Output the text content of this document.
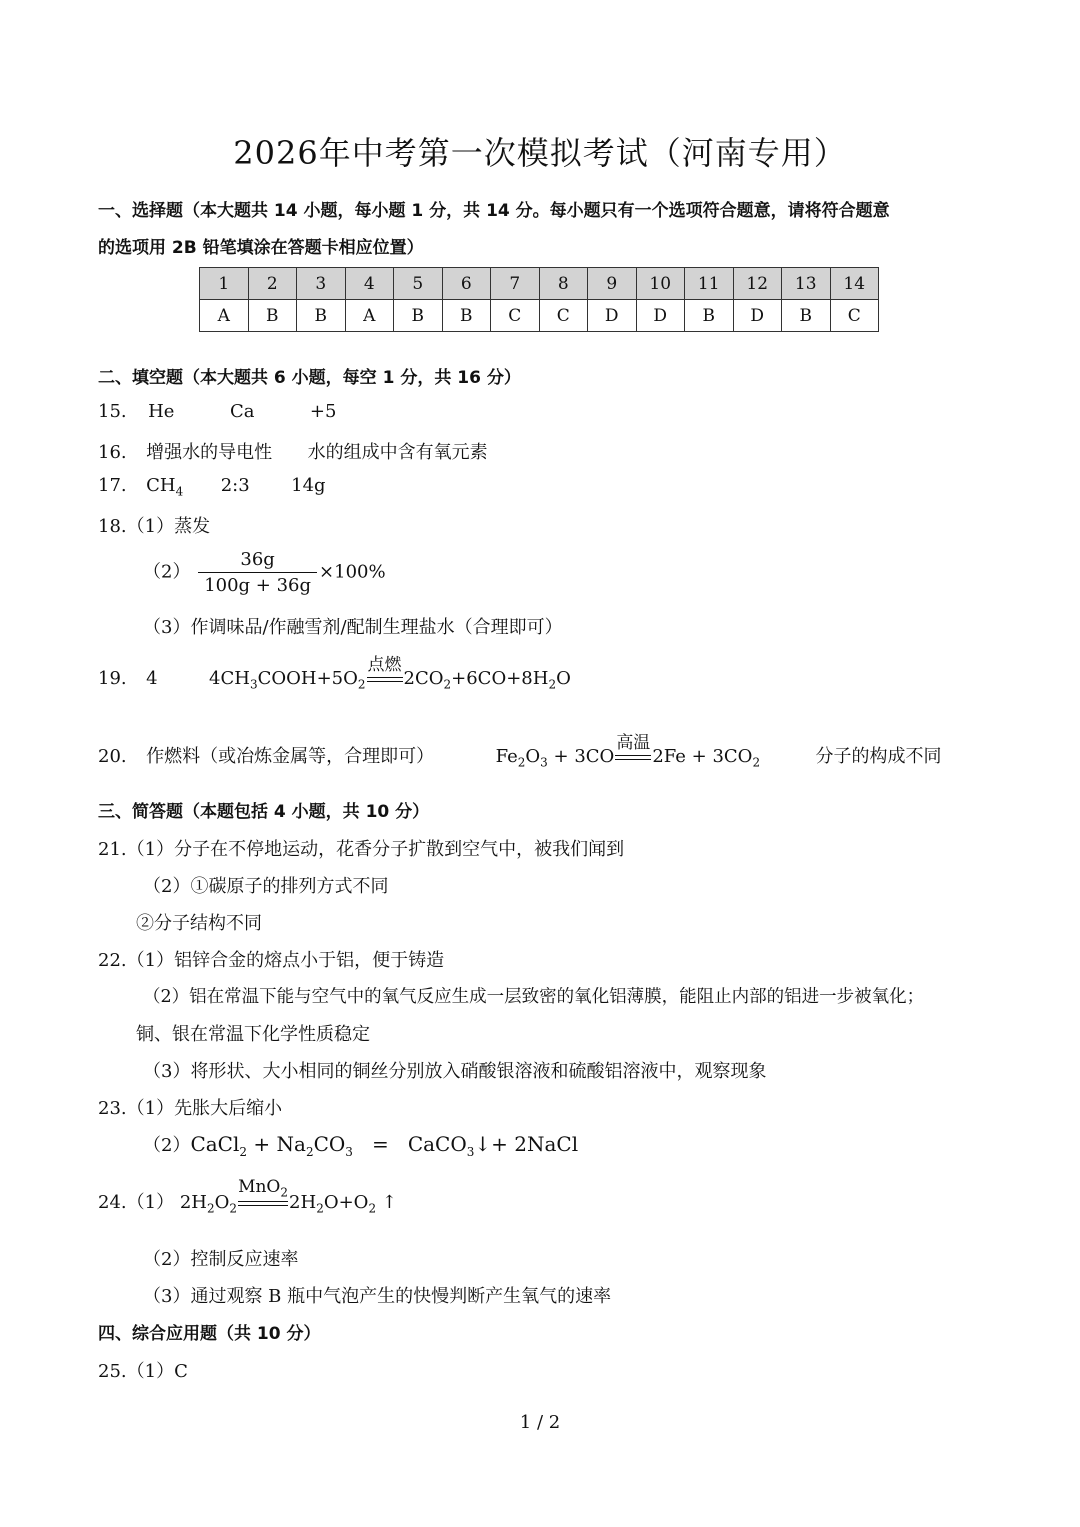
2026年中考第一次模拟考试（河南专用）
一、选择题（本大题共 14 小题，每小题 1 分，共 14 分。每小题只有一个选项符合题意，请将符合题意
的选项用 2B 铅笔填涂在答题卡相应位置）
1	2	3	4	5	6	7	8	9	10	11	12	13	14
A	B	B	A	B	B	C	C	D	D	B	D	B	C
二、填空题（本大题共 6 小题，每空 1 分，共 16 分）
15. He	Ca	+5
16. 增强水的导电性 水的组成中含有氧元素
17. $CH_4$ 2:3 14g
18.（1）蒸发
$(2) \frac{36g}{100g + 36g} \times 100\%$
（3）作调味品/作融雪剂/配制生理盐水（合理即可）
19. 4	$4CH_3COOH+5O_2$
点燃
$2CO_2+6CO+8H_2O$
20. 作燃料（或冶炼金属等，合理即可）	$Fe_2O_3 + 3CO$
高温
$2Fe + 3CO_2$	分子的构成不同
三、简答题（本题包括 4 小题，共 10 分）
21.（1）分子在不停地运动，花香分子扩散到空气中，被我们闻到
（2）①碳原子的排列方式不同
②分子结构不同
22.（1）铝锌合金的熔点小于铝，便于铸造
（2）铝在常温下能与空气中的氧气反应生成一层致密的氧化铝薄膜，能阻止内部的铝进一步被氧化；
铜、银在常温下化学性质稳定
（3）将形状、大小相同的铜丝分别放入硝酸银溶液和硫酸铝溶液中，观察现象
23.（1）先胀大后缩小
（2）CaCl$_2$ + $Na_2CO_3$   =   CaCO$_3$↓+ 2NaCl
24.（1） $2H_2O_2$
MnO$_2$ $2H_2O+O_2$ ↑
（2）控制反应速率
（3）通过观察 B 瓶中气泡产生的快慢判断产生氧气的速率
四、综合应用题（共 10 分）
25.（1）C
1 / 2
